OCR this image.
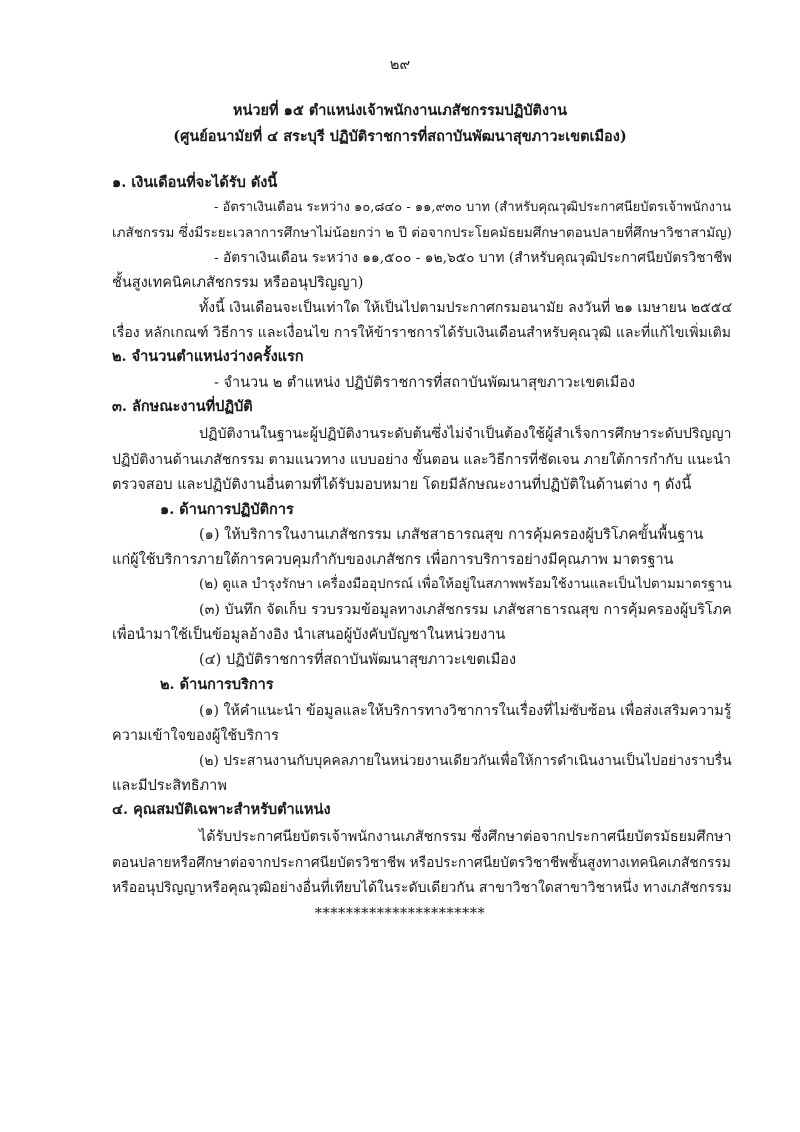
๒๙
หน่วยที่ ๑๕ ตำแหน่งเจ้าพนักงานเภสัชกรรมปฏิบัติงาน
(ศูนย์อนามัยที่ ๔ สระบุรี ปฏิบัติราชการที่สถาบันพัฒนาสุขภาวะเขตเมือง)
๑. เงินเดือนที่จะได้รับ ดังนี้
- อัตราเงินเดือน ระหว่าง ๑๐,๘๔๐ - ๑๑,๙๓๐ บาท (สำหรับคุณวุฒิประกาศนียบัตรเจ้าพนักงาน
เภสัชกรรม ซึ่งมีระยะเวลาการศึกษาไม่น้อยกว่า ๒ ปี ต่อจากประโยคมัธยมศึกษาตอนปลายที่ศึกษาวิชาสามัญ)
- อัตราเงินเดือน ระหว่าง ๑๑,๕๐๐ - ๑๒,๖๕๐ บาท (สำหรับคุณวุฒิประกาศนียบัตรวิชาชีพ
ชั้นสูงเทคนิคเภสัชกรรม หรืออนุปริญญา)
ทั้งนี้ เงินเดือนจะเป็นเท่าใด ให้เป็นไปตามประกาศกรมอนามัย ลงวันที่ ๒๑ เมษายน ๒๕๕๔
เรื่อง หลักเกณฑ์ วิธีการ และเงื่อนไข การให้ข้าราชการได้รับเงินเดือนสำหรับคุณวุฒิ และที่แก้ไขเพิ่มเติม
๒. จำนวนตำแหน่งว่างครั้งแรก
- จำนวน ๒ ตำแหน่ง ปฏิบัติราชการที่สถาบันพัฒนาสุขภาวะเขตเมือง
๓. ลักษณะงานที่ปฏิบัติ
ปฏิบัติงานในฐานะผู้ปฏิบัติงานระดับต้นซึ่งไม่จำเป็นต้องใช้ผู้สำเร็จการศึกษาระดับปริญญา
ปฏิบัติงานด้านเภสัชกรรม ตามแนวทาง แบบอย่าง ขั้นตอน และวิธีการที่ชัดเจน ภายใต้การกำกับ แนะนำ
ตรวจสอบ และปฏิบัติงานอื่นตามที่ได้รับมอบหมาย โดยมีลักษณะงานที่ปฏิบัติในด้านต่าง ๆ ดังนี้
๑. ด้านการปฏิบัติการ
(๑) ให้บริการในงานเภสัชกรรม เภสัชสาธารณสุข การคุ้มครองผู้บริโภคขั้นพื้นฐาน
แก่ผู้ใช้บริการภายใต้การควบคุมกำกับของเภสัชกร เพื่อการบริการอย่างมีคุณภาพ มาตรฐาน
(๒) ดูแล บำรุงรักษา เครื่องมืออุปกรณ์ เพื่อให้อยู่ในสภาพพร้อมใช้งานและเป็นไปตามมาตรฐาน
(๓) บันทึก จัดเก็บ รวบรวมข้อมูลทางเภสัชกรรม เภสัชสาธารณสุข การคุ้มครองผู้บริโภค
เพื่อนำมาใช้เป็นข้อมูลอ้างอิง นำเสนอผู้บังคับบัญชาในหน่วยงาน
(๔) ปฏิบัติราชการที่สถาบันพัฒนาสุขภาวะเขตเมือง
๒. ด้านการบริการ
(๑) ให้คำแนะนำ ข้อมูลและให้บริการทางวิชาการในเรื่องที่ไม่ซับซ้อน เพื่อส่งเสริมความรู้
ความเข้าใจของผู้ใช้บริการ
(๒) ประสานงานกับบุคคลภายในหน่วยงานเดียวกันเพื่อให้การดำเนินงานเป็นไปอย่างราบรื่น
และมีประสิทธิภาพ
๔. คุณสมบัติเฉพาะสำหรับตำแหน่ง
ได้รับประกาศนียบัตรเจ้าพนักงานเภสัชกรรม ซึ่งศึกษาต่อจากประกาศนียบัตรมัธยมศึกษา
ตอนปลายหรือศึกษาต่อจากประกาศนียบัตรวิชาชีพ หรือประกาศนียบัตรวิชาชีพชั้นสูงทางเทคนิคเภสัชกรรม
หรืออนุปริญญาหรือคุณวุฒิอย่างอื่นที่เทียบได้ในระดับเดียวกัน สาขาวิชาใดสาขาวิชาหนึ่ง ทางเภสัชกรรม
**********************
